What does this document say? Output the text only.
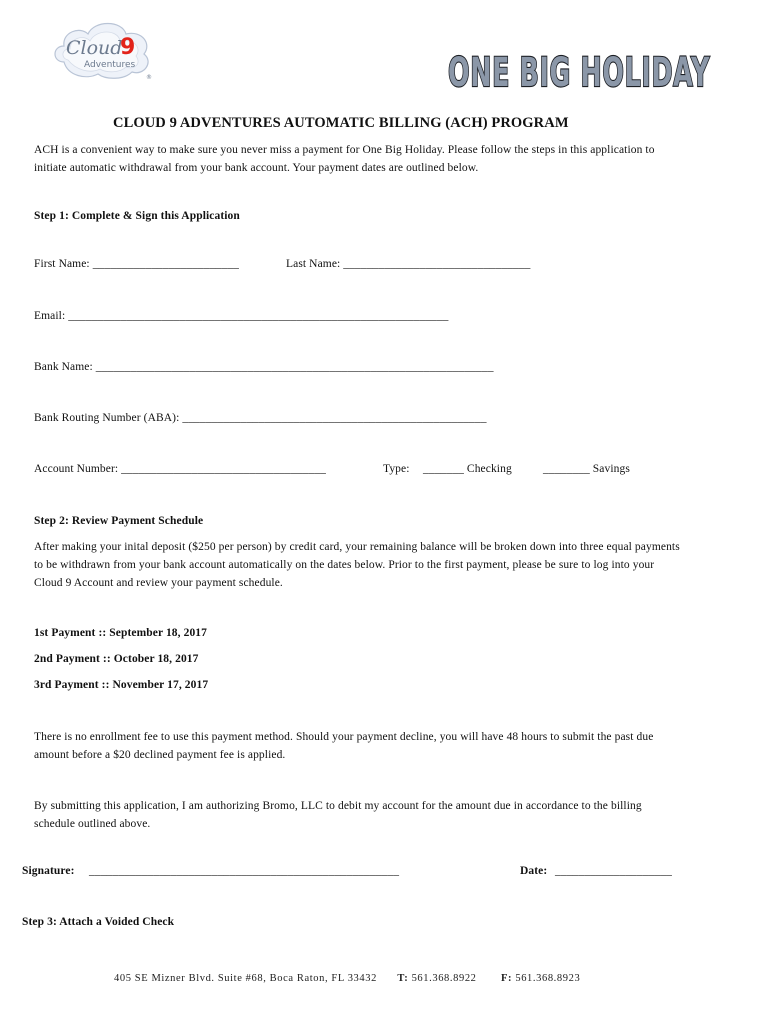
Cloud
9
Adventures
®	ONE BIG HOLIDAY
ONE BIG HOLIDAY
CLOUD 9 ADVENTURES AUTOMATIC BILLING (ACH) PROGRAM
ACH is a convenient way to make sure you never miss a payment for One Big Holiday. Please follow the steps in this application to
initiate automatic withdrawal from your bank account. Your payment dates are outlined below.
Step 1: Complete & Sign this Application
First Name: _________________________	Last Name: ________________________________
Email: _________________________________________________________________
Bank Name: ____________________________________________________________________
Bank Routing Number (ABA): ____________________________________________________
Account Number: ___________________________________	Type: _______ Checking	________ Savings
Step 2: Review Payment Schedule
After making your inital deposit ($250 per person) by credit card, your remaining balance will be broken down into three equal payments
to be withdrawn from your bank account automatically on the dates below. Prior to the first payment, please be sure to log into your
Cloud 9 Account and review your payment schedule.
1st Payment :: September 18, 2017
2nd Payment :: October 18, 2017
3rd Payment :: November 17, 2017
There is no enrollment fee to use this payment method. Should your payment decline, you will have 48 hours to submit the past due
amount before a $20 declined payment fee is applied.
By submitting this application, I am authorizing Bromo, LLC to debit my account for the amount due in accordance to the billing
schedule outlined above.
Signature: _____________________________________________________	Date: ____________________
Step 3: Attach a Voided Check
405 SE Mizner Blvd. Suite #68, Boca Raton, FL 33432 T: 561.368.8922 F: 561.368.8923
